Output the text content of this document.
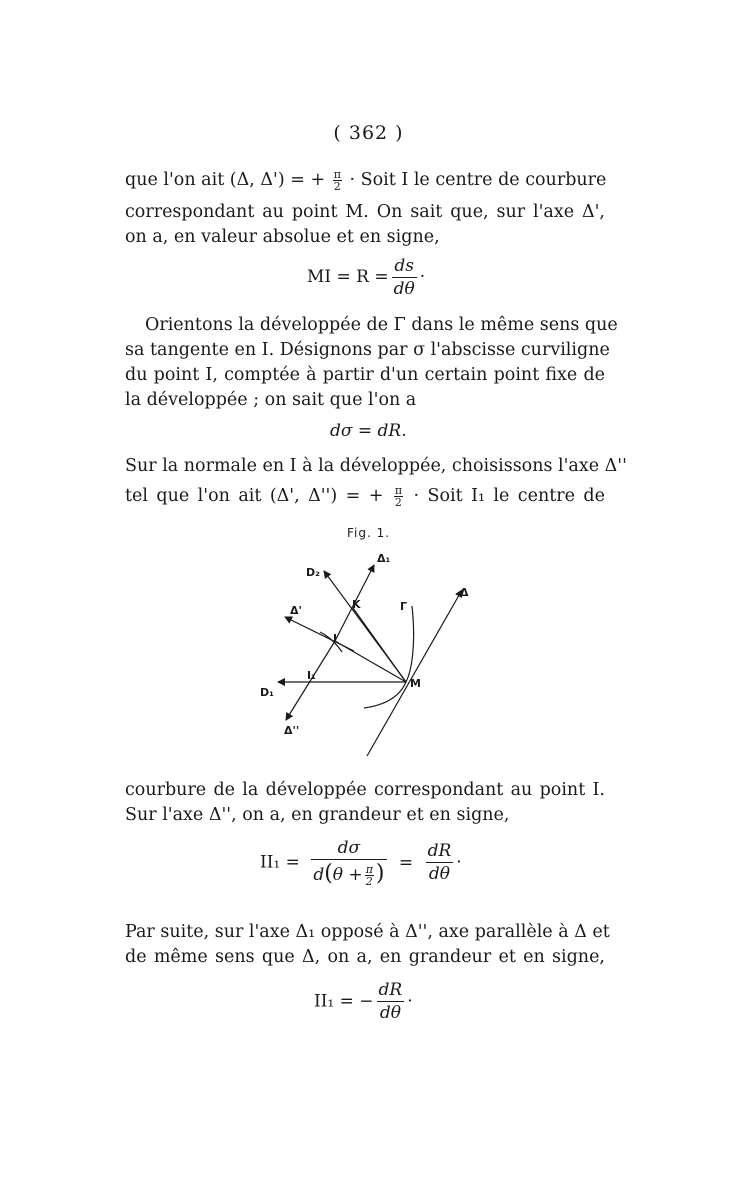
( 362 )
que l'on ait (Δ, Δ') = + $\frac{\pi}{2}$ · Soit I le centre de courbure
correspondant au point M. On sait que, sur l'axe Δ',
on a, en valeur absolue et en signe,
MI = $R = \frac{ds}{d\theta}$ ·
Orientons la développée de Γ dans le même sens que
sa tangente en I. Désignons par σ l'abscisse curviligne
du point I, comptée à partir d'un certain point fixe de
la développée ; on sait que l'on a
dσ = dR.
Sur la normale en I à la développée, choisissons l'axe Δ''
tel que l'on ait (Δ', Δ'') = + $\frac{\pi}{2}$ · Soit I₁ le centre de
Fig. 1.
D₂
Δ₁
Δ
K	Γ
Δ'
I
I₁
M
D₁
Δ''
courbure de la développée correspondant au point I.
Sur l'axe Δ'', on a, en grandeur et en signe,
$II_1 = \frac{d\sigma}{d(\theta + \frac{\pi}{2} )} = \frac{dR}{d\theta}$ ·
Par suite, sur l'axe Δ₁ opposé à Δ'', axe parallèle à Δ et
de même sens que Δ, on a, en grandeur et en signe,
II₁ = − $\frac{dR}{d\theta}$ ·
